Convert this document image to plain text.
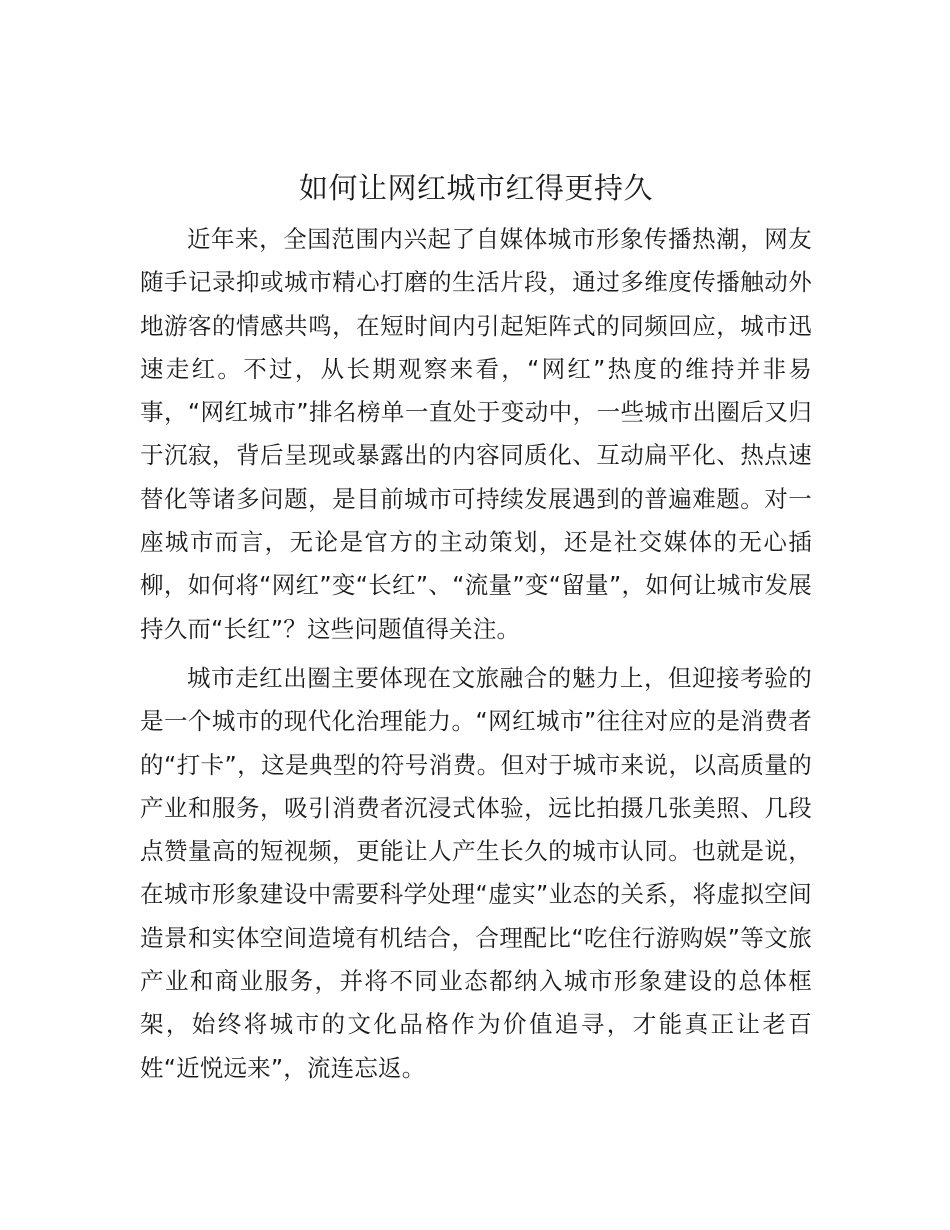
如何让网红城市红得更持久

近年来，全国范围内兴起了自媒体城市形象传播热潮，网友随手记录抑或城市精心打磨的生活片段，通过多维度传播触动外地游客的情感共鸣，在短时间内引起矩阵式的同频回应，城市迅速走红。不过，从长期观察来看，“网红”热度的维持并非易事，“网红城市”排名榜单一直处于变动中，一些城市出圈后又归于沉寂，背后呈现或暴露出的内容同质化、互动扁平化、热点速替化等诸多问题，是目前城市可持续发展遇到的普遍难题。对一座城市而言，无论是官方的主动策划，还是社交媒体的无心插柳，如何将“网红”变“长红”、“流量”变“留量”，如何让城市发展持久而“长红”？这些问题值得关注。

城市走红出圈主要体现在文旅融合的魅力上，但迎接考验的是一个城市的现代化治理能力。“网红城市”往往对应的是消费者的“打卡”，这是典型的符号消费。但对于城市来说，以高质量的产业和服务，吸引消费者沉浸式体验，远比拍摄几张美照、几段点赞量高的短视频，更能让人产生长久的城市认同。也就是说，在城市形象建设中需要科学处理“虚实”业态的关系，将虚拟空间造景和实体空间造境有机结合，合理配比“吃住行游购娱”等文旅产业和商业服务，并将不同业态都纳入城市形象建设的总体框架，始终将城市的文化品格作为价值追寻，才能真正让老百姓“近悦远来”，流连忘返。
